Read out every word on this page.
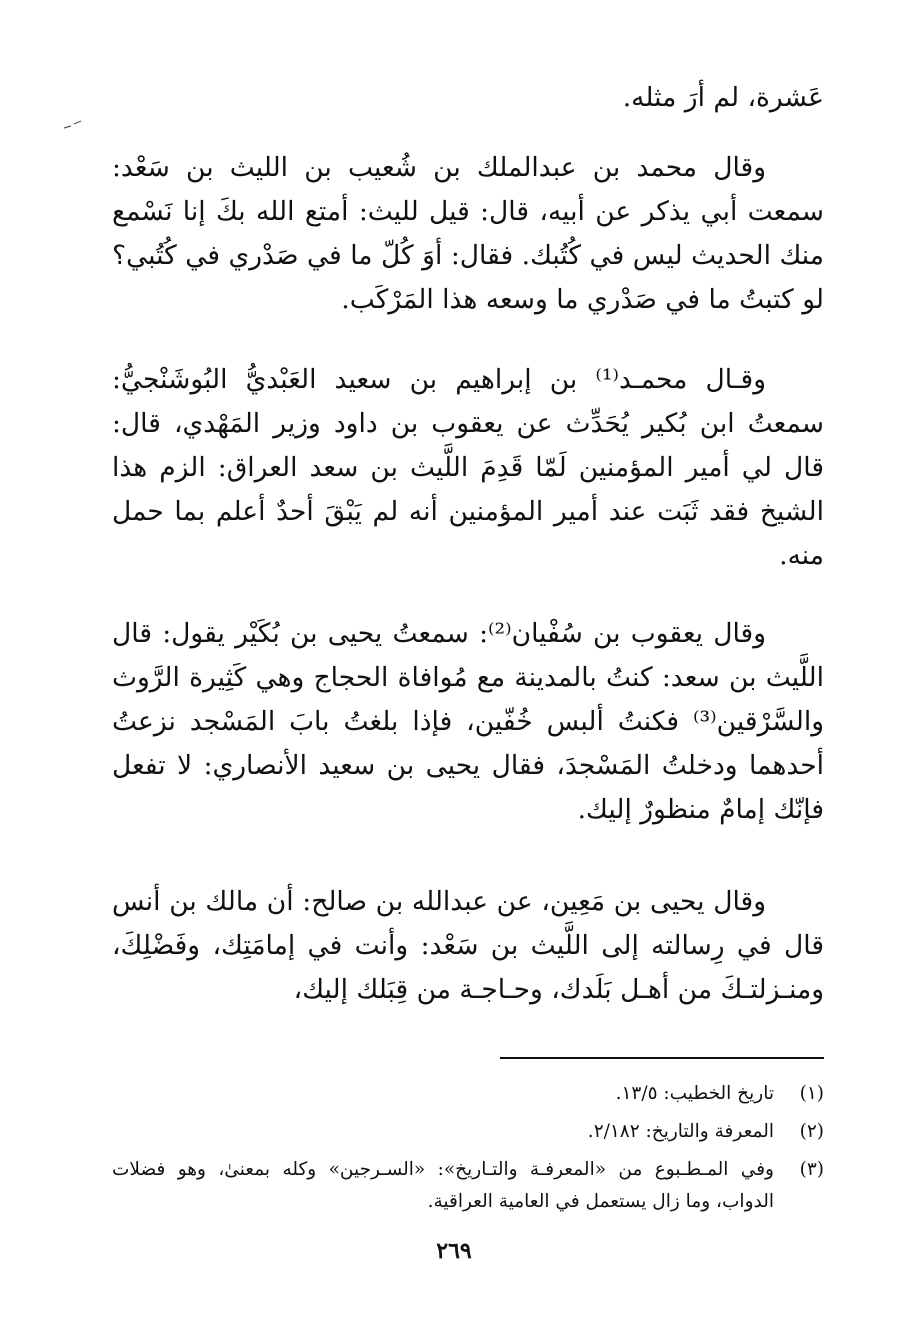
عَشرة، لم أرَ مثله.

وقال محمد بن عبدالملك بن شُعيب بن الليث بن سَعْد: سمعت أبي يذكر عن أبيه، قال: قيل لليث: أمتع الله بكَ إنا نَسْمع منك الحديث ليس في كُتُبك. فقال: أوَ كُلّ ما في صَدْري في كُتُبي؟ لو كتبتُ ما في صَدْري ما وسعه هذا المَرْكَب.

وقـال محمـد⁽¹⁾ بن إبراهيم بن سعيد العَبْديُّ البُوشَنْجيُّ: سمعتُ ابن بُكير يُحَدِّث عن يعقوب بن داود وزير المَهْدي، قال: قال لي أمير المؤمنين لَمّا قَدِمَ اللَّيث بن سعد العراق: الزم هذا الشيخ فقد ثَبَت عند أمير المؤمنين أنه لم يَبْقَ أحدٌ أعلم بما حمل منه.

وقال يعقوب بن سُفْيان⁽²⁾: سمعتُ يحيى بن بُكَيْر يقول: قال اللَّيث بن سعد: كنتُ بالمدينة مع مُوافاة الحجاج وهي كَثِيرة الرَّوث والسَّرْقين⁽³⁾ فكنتُ ألبس خُفّين، فإذا بلغتُ بابَ المَسْجد نزعتُ أحدهما ودخلتُ المَسْجدَ، فقال يحيى بن سعيد الأنصاري: لا تفعل فإنّك إمامٌ منظورٌ إليك.

وقال يحيى بن مَعِين، عن عبدالله بن صالح: أن مالك بن أنس قال في رِسالته إلى اللَّيث بن سَعْد: وأنت في إمامَتِك، وفَضْلِكَ، ومنـزلتـكَ من أهـل بَلَدك، وحـاجـة من قِبَلك إليك،

(١)
تاريخ الخطيب: ١٣/٥.
(٢)
المعرفة والتاريخ: ٢/١٨٢.
(٣)
وفي المـطـبوع من «المعرفـة والتـاريخ»: «السـرجين» وكله بمعنىٰ، وهو فضلات الدواب، وما زال يستعمل في العامية العراقية.
٢٦٩
